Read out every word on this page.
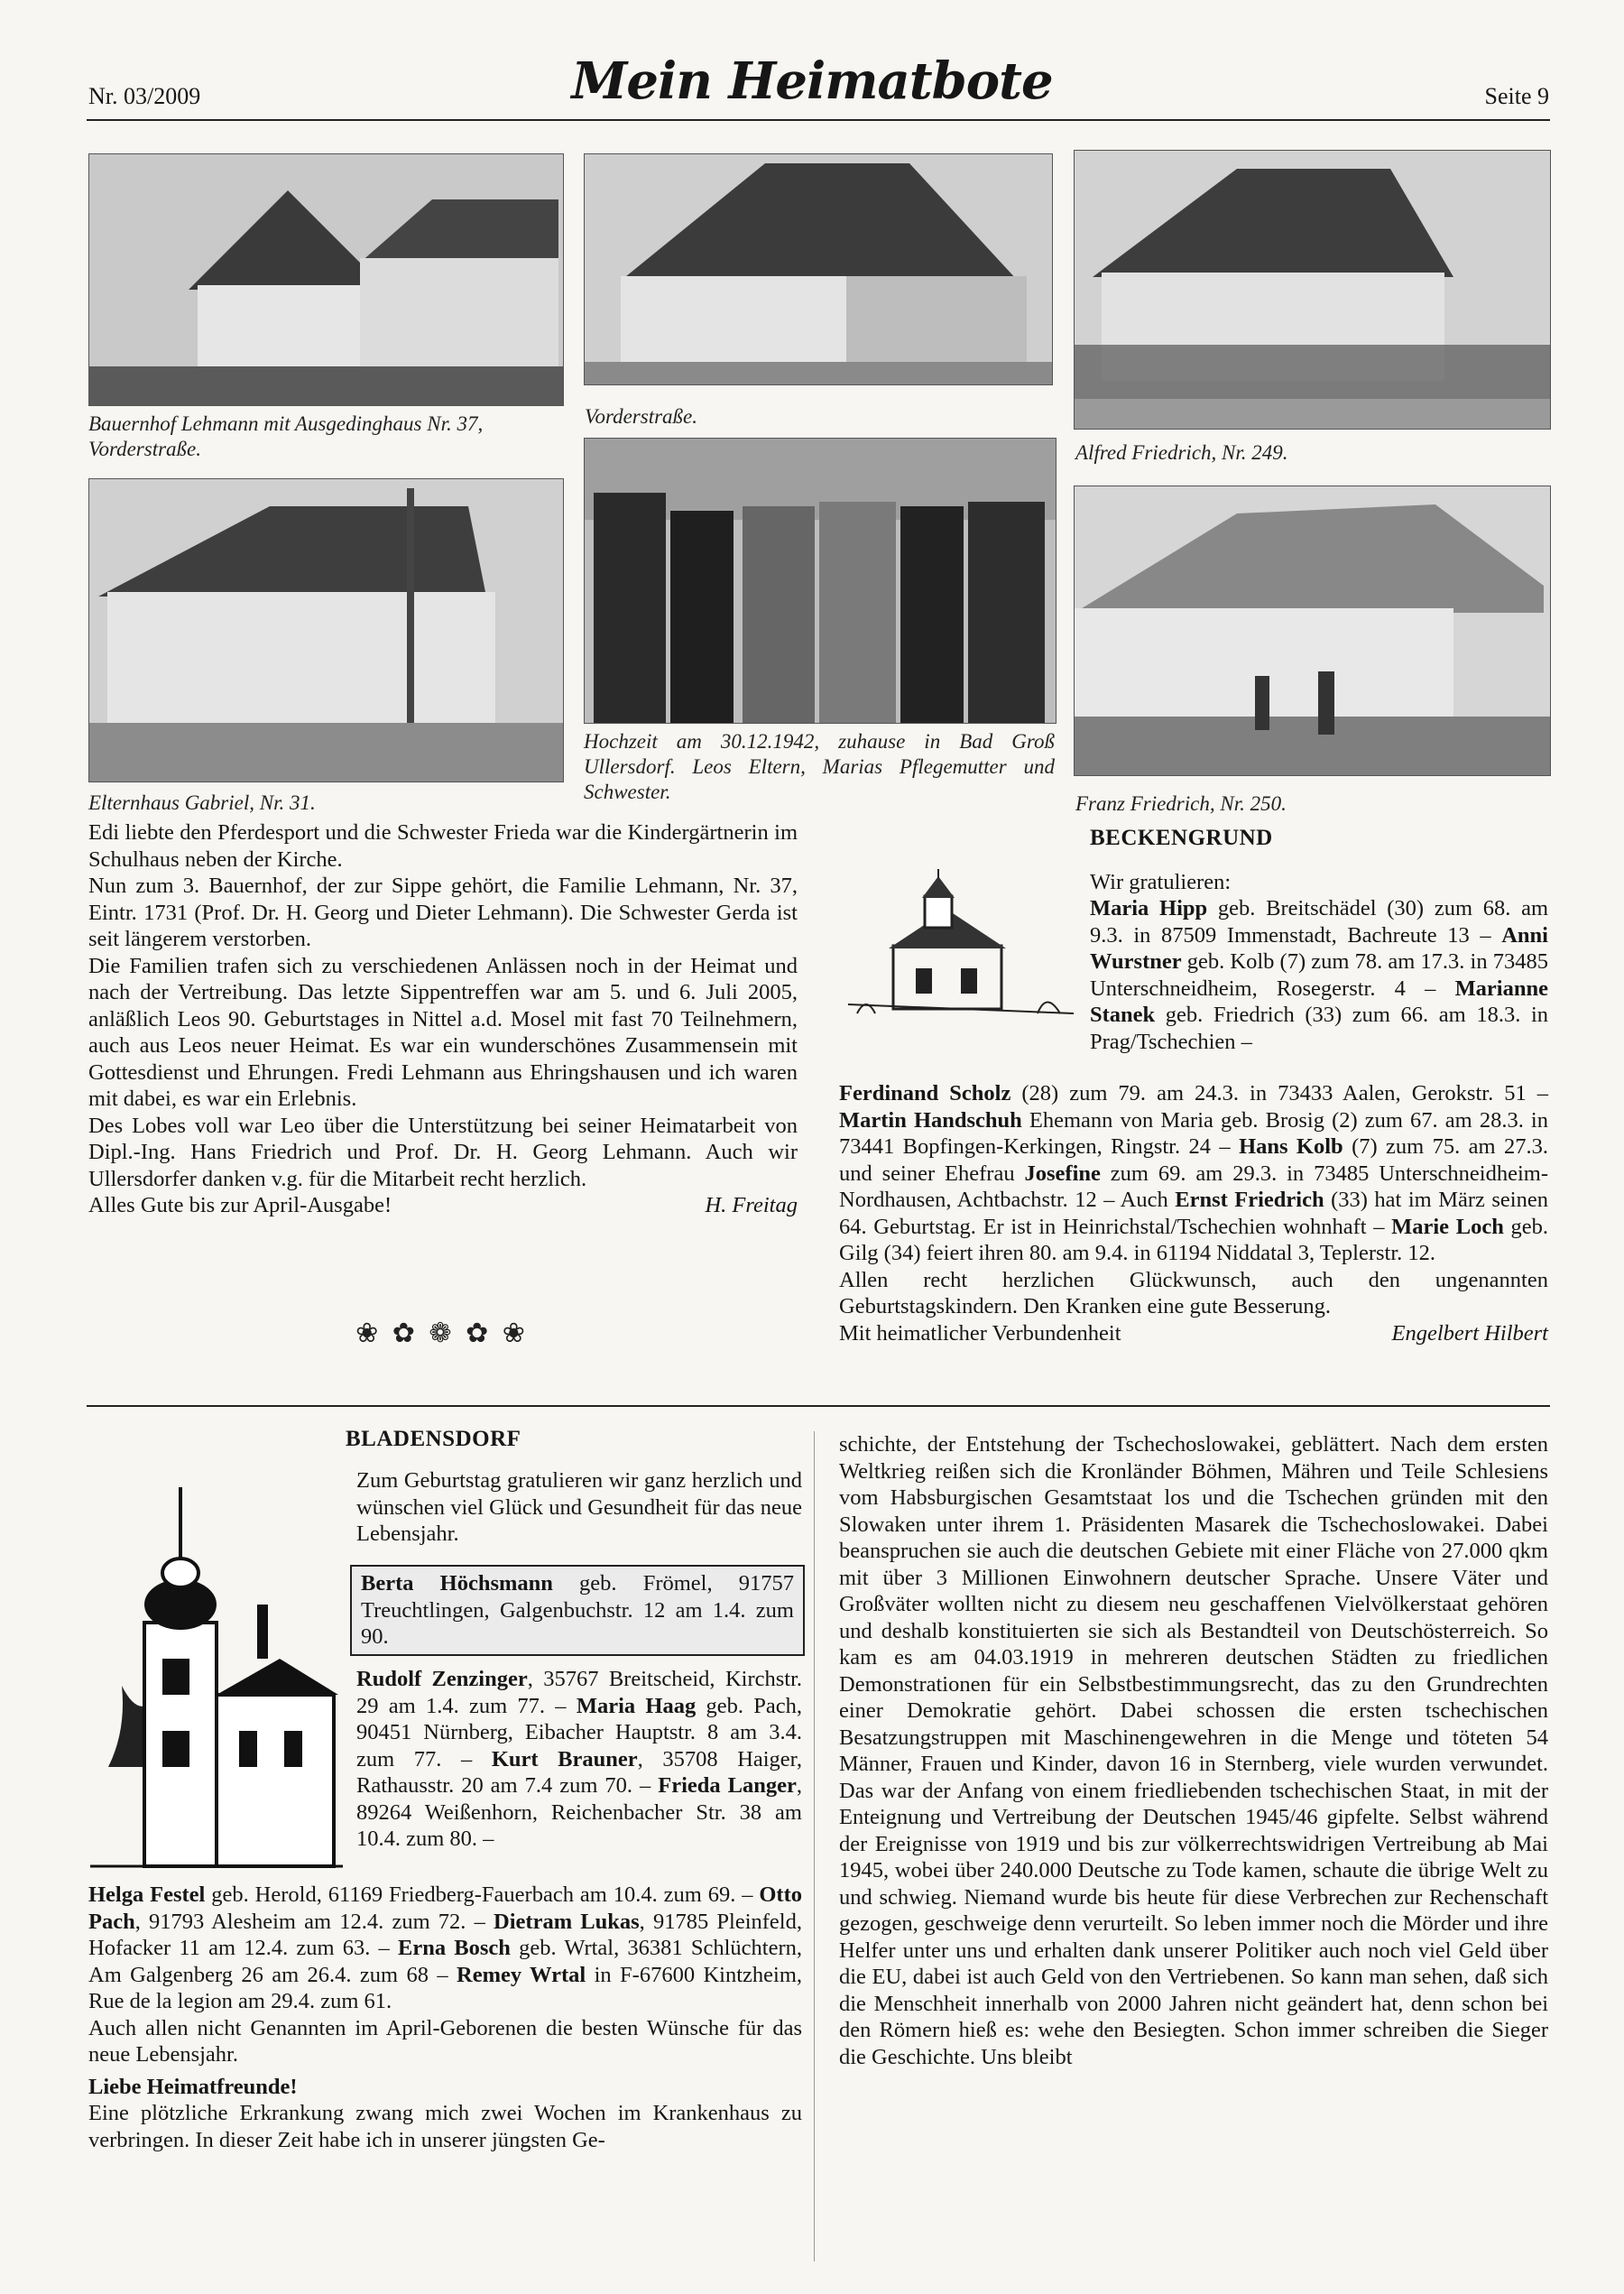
Nr. 03/2009	Mein Heimatbote	Seite 9
Bauernhof Lehmann mit Ausgedinghaus Nr. 37, Vorderstraße.
Vorderstraße.
Alfred Friedrich, Nr. 249.
Elternhaus Gabriel, Nr. 31.
Hochzeit am 30.12.1942, zuhause in Bad Groß Ullersdorf. Leos Eltern, Marias Pflegemutter und Schwester.
Franz Friedrich, Nr. 250.

Edi liebte den Pferdesport und die Schwester Frieda war die Kindergärtnerin im Schulhaus neben der Kirche.

Nun zum 3. Bauernhof, der zur Sippe gehört, die Familie Lehmann, Nr. 37, Eintr. 1731 (Prof. Dr. H. Georg und Dieter Lehmann). Die Schwester Gerda ist seit längerem verstorben.

Die Familien trafen sich zu verschiedenen Anlässen noch in der Heimat und nach der Vertreibung. Das letzte Sippentreffen war am 5. und 6. Juli 2005, anläßlich Leos 90. Geburtstages in Nittel a.d. Mosel mit fast 70 Teilnehmern, auch aus Leos neuer Heimat. Es war ein wunderschönes Zusammensein mit Gottesdienst und Ehrungen. Fredi Lehmann aus Ehringshausen und ich waren mit dabei, es war ein Erlebnis.

Des Lobes voll war Leo über die Unterstützung bei seiner Heimatarbeit von Dipl.-Ing. Hans Friedrich und Prof. Dr. H. Georg Lehmann. Auch wir Ullersdorfer danken v.g. für die Mitarbeit recht herzlich.

Alles Gute bis zur April-Ausgabe!	H. Freitag

❀ ✿ ❁ ✿ ❀
BECKENGRUND
Wir gratulieren:
Maria Hipp geb. Breitschädel (30) zum 68. am 9.3. in 87509 Immenstadt, Bachreute 13 – Anni Wurstner geb. Kolb (7) zum 78. am 17.3. in 73485 Unterschneidheim, Rosegerstr. 4 – Marianne Stanek geb. Friedrich (33) zum 66. am 18.3. in Prag/Tschechien –
Ferdinand Scholz (28) zum 79. am 24.3. in 73433 Aalen, Gerokstr. 51 – Martin Handschuh Ehemann von Maria geb. Brosig (2) zum 67. am 28.3. in 73441 Bopfingen-Kerkingen, Ringstr. 24 – Hans Kolb (7) zum 75. am 27.3. und seiner Ehefrau Josefine zum 69. am 29.3. in 73485 Unterschneidheim-Nordhausen, Achtbachstr. 12 – Auch Ernst Friedrich (33) hat im März seinen 64. Geburtstag. Er ist in Heinrichstal/Tschechien wohnhaft – Marie Loch geb. Gilg (34) feiert ihren 80. am 9.4. in 61194 Niddatal 3, Teplerstr. 12.

Allen recht herzlichen Glückwunsch, auch den ungenannten Geburtstagskindern. Den Kranken eine gute Besserung.

Mit heimatlicher Verbundenheit	Engelbert Hilbert

BLADENSDORF
Zum Geburtstag gratulieren wir ganz herzlich und wünschen viel Glück und Gesundheit für das neue Lebensjahr.
Berta Höchsmann geb. Frömel, 91757 Treuchtlingen, Galgenbuchstr. 12 am 1.4. zum 90.
Rudolf Zenzinger, 35767 Breitscheid, Kirchstr. 29 am 1.4. zum 77. – Maria Haag geb. Pach, 90451 Nürnberg, Eibacher Hauptstr. 8 am 3.4. zum 77. – Kurt Brauner, 35708 Haiger, Rathausstr. 20 am 7.4 zum 70. – Frieda Langer, 89264 Weißenhorn, Reichenbacher Str. 38 am 10.4. zum 80. –
Helga Festel geb. Herold, 61169 Friedberg-Fauerbach am 10.4. zum 69. – Otto Pach, 91793 Alesheim am 12.4. zum 72. – Dietram Lukas, 91785 Pleinfeld, Hofacker 11 am 12.4. zum 63. – Erna Bosch geb. Wrtal, 36381 Schlüchtern, Am Galgenberg 26 am 26.4. zum 68 – Remey Wrtal in F-67600 Kintzheim, Rue de la legion am 29.4. zum 61.

Auch allen nicht Genannten im April-Geborenen die besten Wünsche für das neue Lebensjahr.

Liebe Heimatfreunde!

Eine plötzliche Erkrankung zwang mich zwei Wochen im Krankenhaus zu verbringen. In dieser Zeit habe ich in unserer jüngsten Ge-

schichte, der Entstehung der Tschechoslowakei, geblättert. Nach dem ersten Weltkrieg reißen sich die Kronländer Böhmen, Mähren und Teile Schlesiens vom Habsburgischen Gesamtstaat los und die Tschechen gründen mit den Slowaken unter ihrem 1. Präsidenten Masarek die Tschechoslowakei. Dabei beanspruchen sie auch die deutschen Gebiete mit einer Fläche von 27.000 qkm mit über 3 Millionen Einwohnern deutscher Sprache. Unsere Väter und Großväter wollten nicht zu diesem neu geschaffenen Vielvölkerstaat gehören und deshalb konstituierten sie sich als Bestandteil von Deutschösterreich. So kam es am 04.03.1919 in mehreren deutschen Städten zu friedlichen Demonstrationen für ein Selbstbestimmungsrecht, das zu den Grundrechten einer Demokratie gehört. Dabei schossen die ersten tschechischen Besatzungstruppen mit Maschinengewehren in die Menge und töteten 54 Männer, Frauen und Kinder, davon 16 in Sternberg, viele wurden verwundet. Das war der Anfang von einem friedliebenden tschechischen Staat, in mit der Enteignung und Vertreibung der Deutschen 1945/46 gipfelte. Selbst während der Ereignisse von 1919 und bis zur völkerrechtswidrigen Vertreibung ab Mai 1945, wobei über 240.000 Deutsche zu Tode kamen, schaute die übrige Welt zu und schwieg. Niemand wurde bis heute für diese Verbrechen zur Rechenschaft gezogen, geschweige denn verurteilt. So leben immer noch die Mörder und ihre Helfer unter uns und erhalten dank unserer Politiker auch noch viel Geld über die EU, dabei ist auch Geld von den Vertriebenen. So kann man sehen, daß sich die Menschheit innerhalb von 2000 Jahren nicht geändert hat, denn schon bei den Römern hieß es: wehe den Besiegten. Schon immer schreiben die Sieger die Geschichte. Uns bleibt
